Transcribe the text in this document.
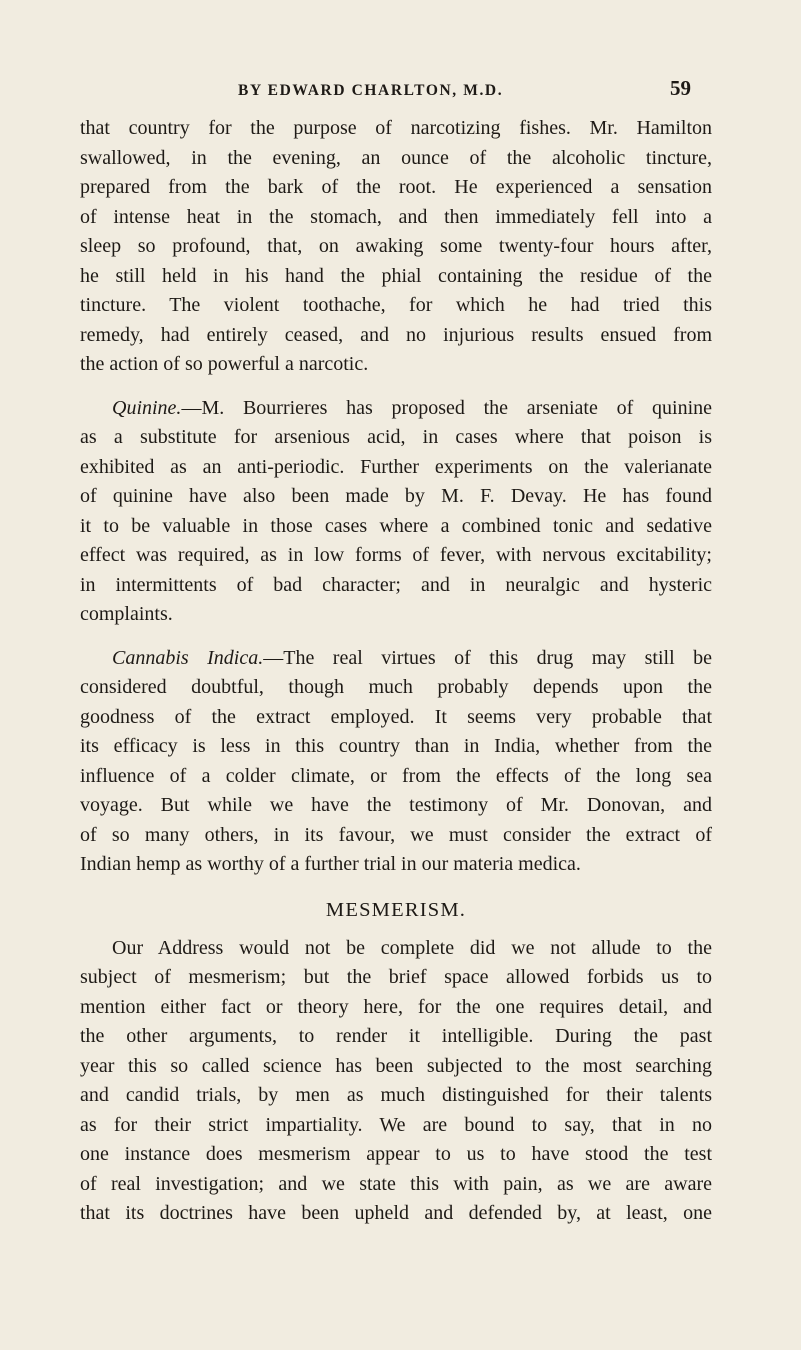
BY EDWARD CHARLTON, M.D.	59
that country for the purpose of narcotizing fishes. Mr. Hamilton
swallowed, in the evening, an ounce of the alcoholic tincture,
prepared from the bark of the root. He experienced a sensation
of intense heat in the stomach, and then immediately fell into a
sleep so profound, that, on awaking some twenty-four hours after,
he still held in his hand the phial containing the residue of the
tincture. The violent toothache, for which he had tried this
remedy, had entirely ceased, and no injurious results ensued from
the action of so powerful a narcotic.
Quinine.—M. Bourrieres has proposed the arseniate of quinine
as a substitute for arsenious acid, in cases where that poison is
exhibited as an anti-periodic. Further experiments on the valerianate
of quinine have also been made by M. F. Devay. He has found
it to be valuable in those cases where a combined tonic and sedative
effect was required, as in low forms of fever, with nervous excitability;
in intermittents of bad character; and in neuralgic and hysteric
complaints.
Cannabis Indica.—The real virtues of this drug may still be
considered doubtful, though much probably depends upon the
goodness of the extract employed. It seems very probable that
its efficacy is less in this country than in India, whether from the
influence of a colder climate, or from the effects of the long sea
voyage. But while we have the testimony of Mr. Donovan, and
of so many others, in its favour, we must consider the extract of
Indian hemp as worthy of a further trial in our materia medica.
MESMERISM.
Our Address would not be complete did we not allude to the
subject of mesmerism; but the brief space allowed forbids us to
mention either fact or theory here, for the one requires detail, and
the other arguments, to render it intelligible. During the past
year this so called science has been subjected to the most searching
and candid trials, by men as much distinguished for their talents
as for their strict impartiality. We are bound to say, that in no
one instance does mesmerism appear to us to have stood the test
of real investigation; and we state this with pain, as we are aware
that its doctrines have been upheld and defended by, at least, one
